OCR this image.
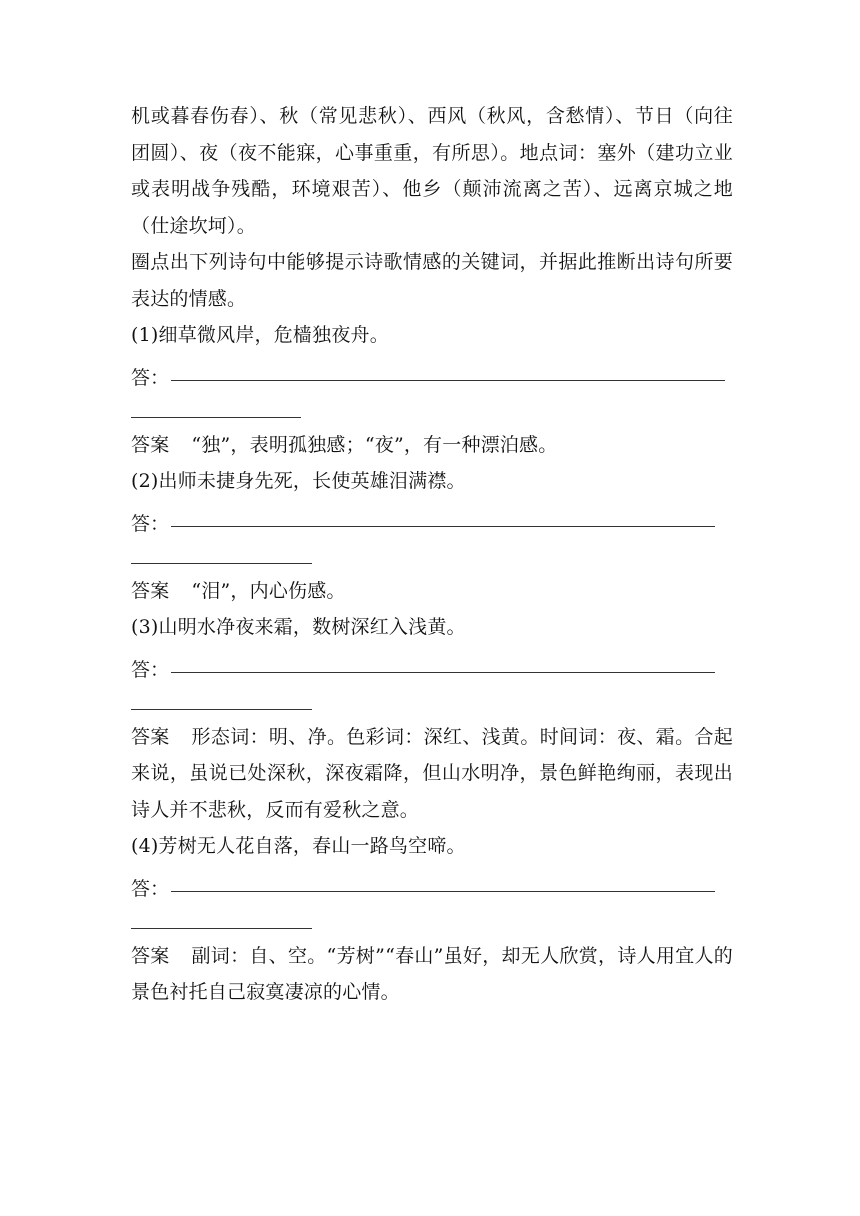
机或暮春伤春）、秋（常见悲秋）、西风（秋风，含愁情）、节日（向往团圆）、夜（夜不能寐，心事重重，有所思）。地点词：塞外（建功立业或表明战争残酷，环境艰苦）、他乡（颠沛流离之苦）、远离京城之地（仕途坎坷）。

圈点出下列诗句中能够提示诗歌情感的关键词，并据此推断出诗句所要表达的情感。

(1)细草微风岸，危樯独夜舟。

答：

答案 “独”，表明孤独感；“夜”，有一种漂泊感。

(2)出师未捷身先死，长使英雄泪满襟。

答：

答案 “泪”，内心伤感。

(3)山明水净夜来霜，数树深红入浅黄。

答：

答案 形态词：明、净。色彩词：深红、浅黄。时间词：夜、霜。合起来说，虽说已处深秋，深夜霜降，但山水明净，景色鲜艳绚丽，表现出诗人并不悲秋，反而有爱秋之意。

(4)芳树无人花自落，春山一路鸟空啼。

答：

答案 副词：自、空。“芳树”“春山”虽好，却无人欣赏，诗人用宜人的景色衬托自己寂寞凄凉的心情。
